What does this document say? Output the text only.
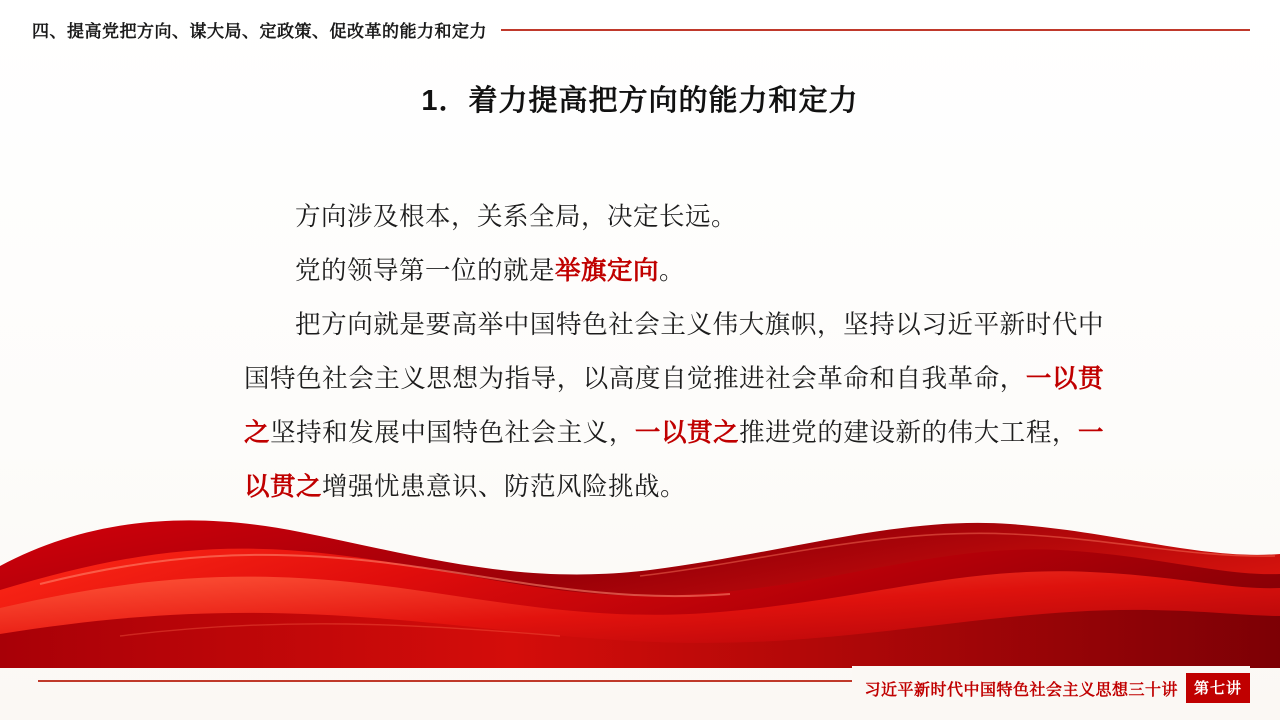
四、提高党把方向、谋大局、定政策、促改革的能力和定力
1．着力提高把方向的能力和定力

方向涉及根本，关系全局，决定长远。

党的领导第一位的就是举旗定向。

把方向就是要高举中国特色社会主义伟大旗帜，坚持以习近平新时代中国特色社会主义思想为指导，以高度自觉推进社会革命和自我革命，一以贯之坚持和发展中国特色社会主义，一以贯之推进党的建设新的伟大工程，一以贯之增强忧患意识、防范风险挑战。

习近平新时代中国特色社会主义思想三十讲	第七讲
